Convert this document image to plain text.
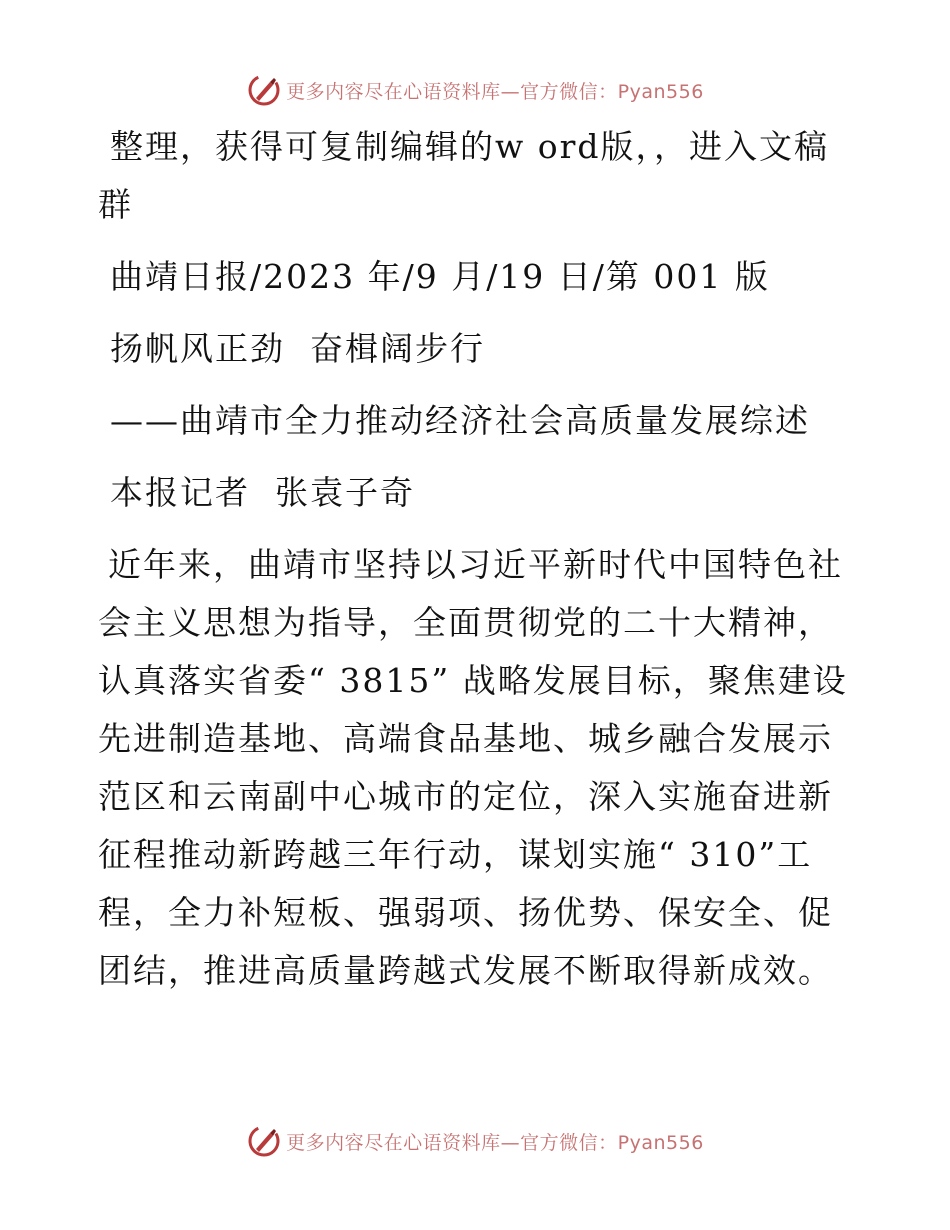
更多内容尽在心语资料库—官方微信：Pyan556

整理，获得可复制编辑的w ord版，，进入文稿群

曲靖日报/2023 年/9 月/19 日/第 001 版

扬帆风正劲  奋楫阔步行

——曲靖市全力推动经济社会高质量发展综述

本报记者  张袁子奇

近年来，曲靖市坚持以习近平新时代中国特色社会主义思想为指导，全面贯彻党的二十大精神，认真落实省委“ 3815” 战略发展目标，聚焦建设先进制造基地、高端食品基地、城乡融合发展示范区和云南副中心城市的定位，深入实施奋进新征程推动新跨越三年行动，谋划实施“ 310”工程，全力补短板、强弱项、扬优势、保安全、促团结，推进高质量跨越式发展不断取得新成效。

更多内容尽在心语资料库—官方微信：Pyan556
